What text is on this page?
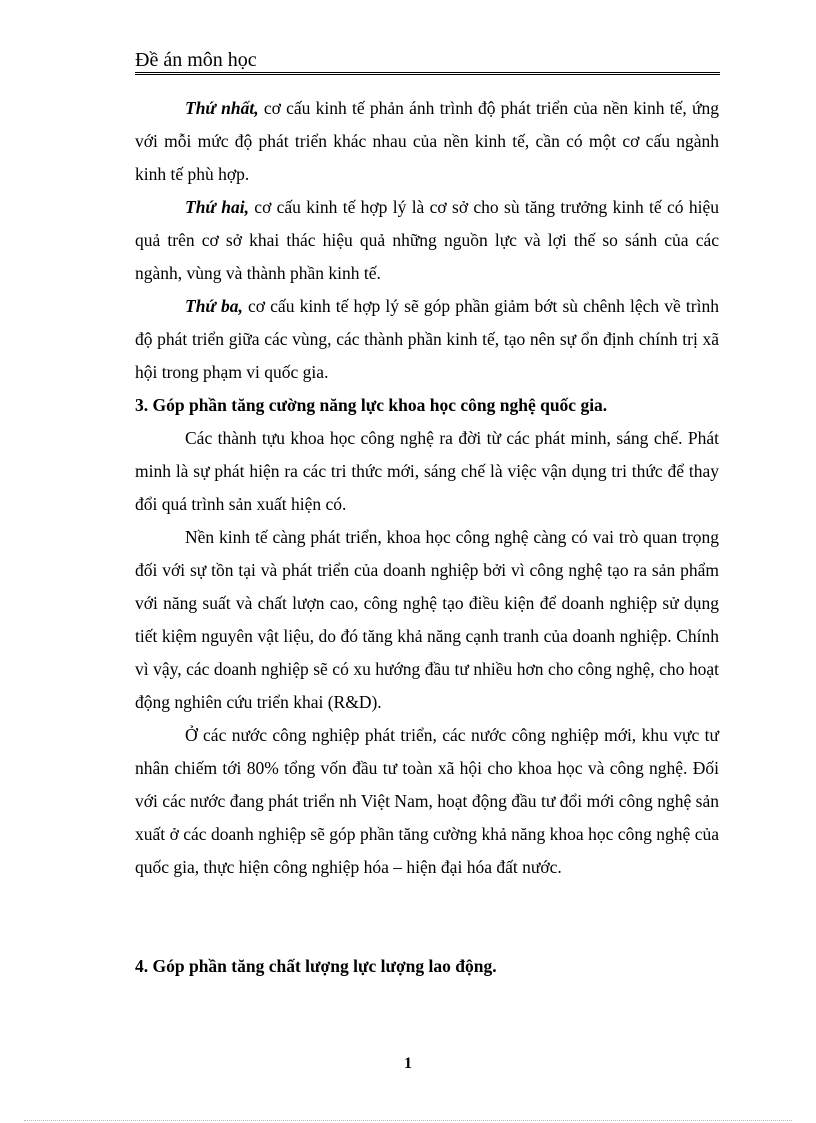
Đề án môn học

Thứ nhất, cơ cấu kinh tế phản ánh trình độ phát triển của nền kinh tế, ứng với mỗi mức độ phát triển khác nhau của nền kinh tế, cần có một cơ cấu ngành kinh tế phù hợp.

Thứ hai, cơ cấu kinh tế hợp lý là cơ sở cho sù tăng trưởng kinh tế có hiệu quả trên cơ sở khai thác hiệu quả những nguồn lực và lợi thế so sánh của các ngành, vùng và thành phần kinh tế.

Thứ ba, cơ cấu kinh tế hợp lý sẽ góp phần giảm bớt sù chênh lệch về trình độ phát triển giữa các vùng, các thành phần kinh tế, tạo nên sự ổn định chính trị xã hội trong phạm vi quốc gia.

3. Góp phần tăng cường năng lực khoa học công nghệ quốc gia.

Các thành tựu khoa học công nghệ ra đời từ các phát minh, sáng chế. Phát minh là sự phát hiện ra các tri thức mới, sáng chế là việc vận dụng tri thức để thay đổi quá trình sản xuất hiện có.

Nền kinh tế càng phát triển, khoa học công nghệ càng có vai trò quan trọng đối với sự tồn tại và phát triển của doanh nghiệp bởi vì công nghệ tạo ra sản phẩm với năng suất và chất lượn cao, công nghệ tạo điều kiện để doanh nghiệp sử dụng tiết kiệm nguyên vật liệu, do đó tăng khả năng cạnh tranh của doanh nghiệp. Chính vì vậy, các doanh nghiệp sẽ có xu hướng đầu tư nhiều hơn cho công nghệ, cho hoạt động nghiên cứu triển khai (R&D).

Ở các nước công nghiệp phát triển, các nước công nghiệp mới, khu vực tư nhân chiếm tới 80% tổng vốn đầu tư toàn xã hội cho khoa học và công nghệ. Đối với các nước đang phát triển nh Việt Nam, hoạt động đầu tư đổi mới công nghệ sản xuất ở các doanh nghiệp sẽ góp phần tăng cường khả năng khoa học công nghệ của quốc gia, thực hiện công nghiệp hóa – hiện đại hóa đất nước.

4. Góp phần tăng chất lượng lực lượng lao động.

1
